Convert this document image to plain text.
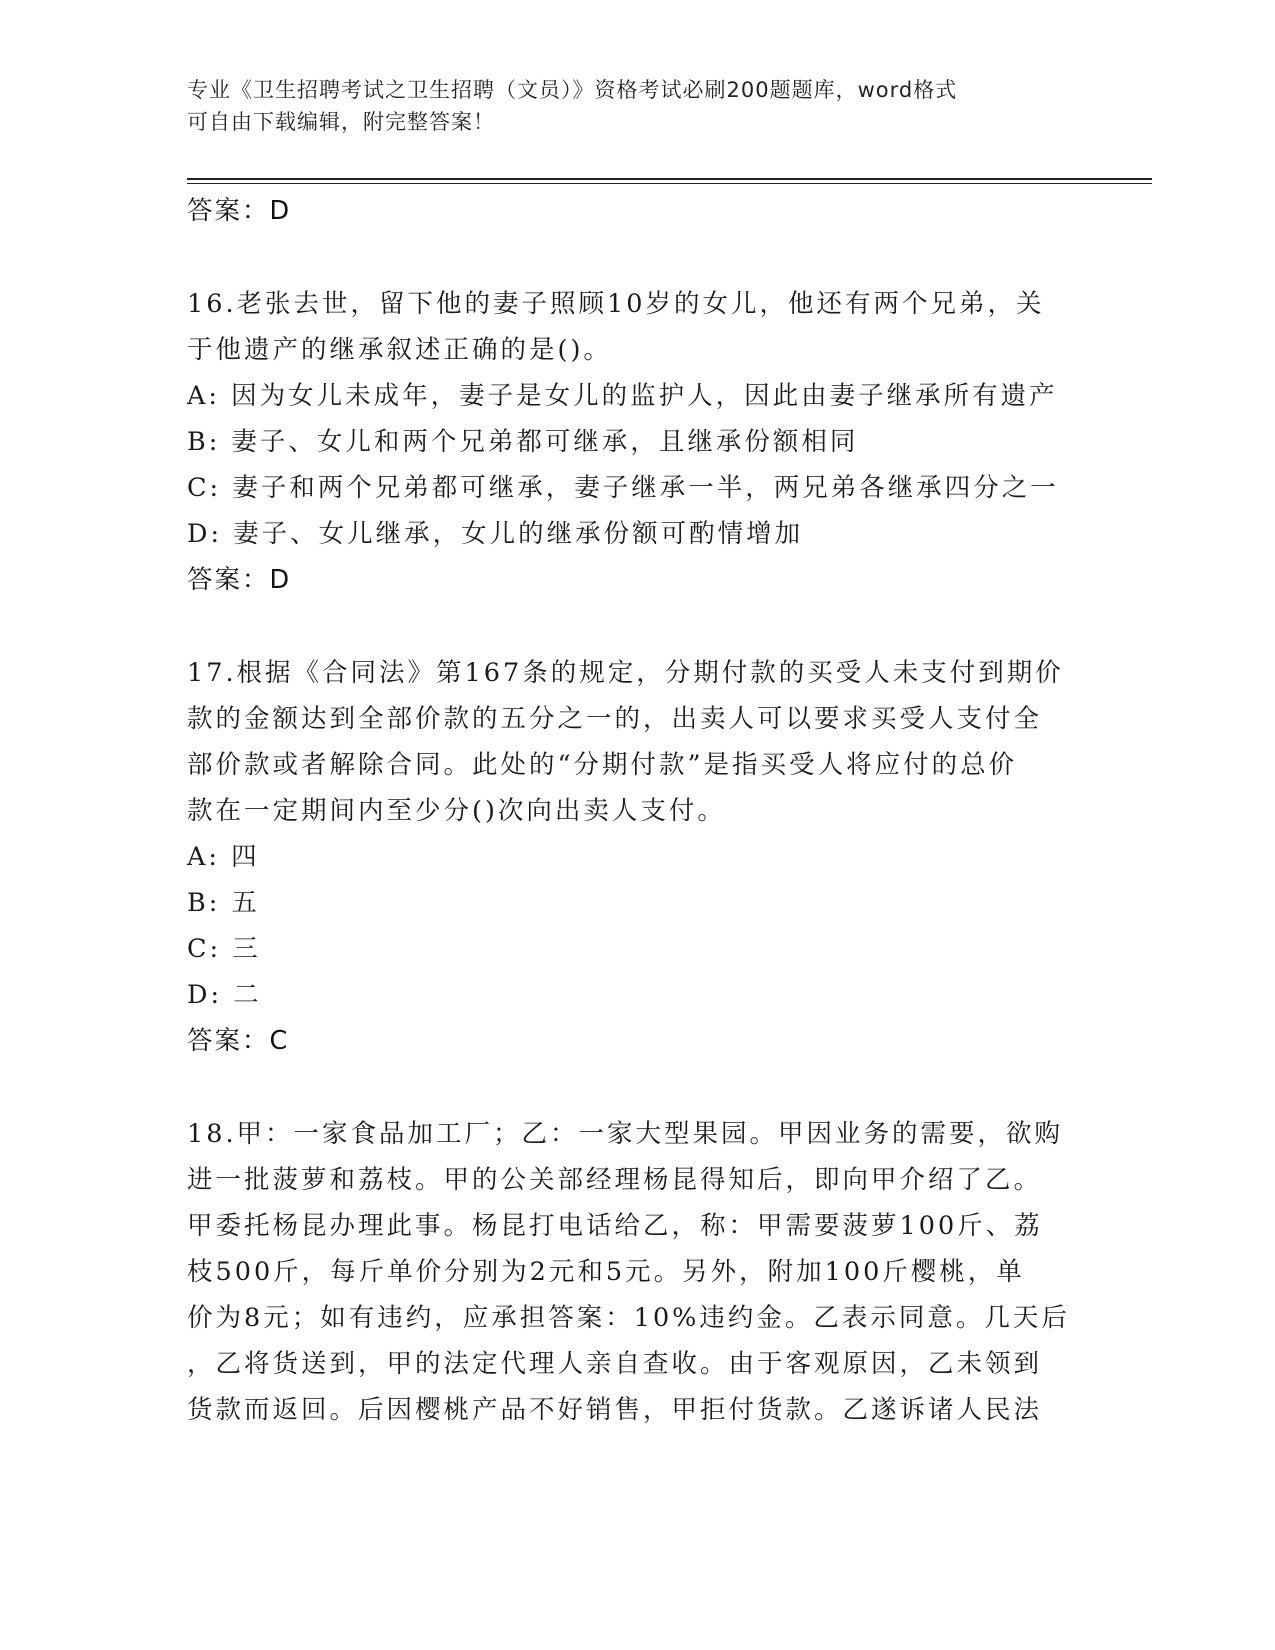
专业《卫生招聘考试之卫生招聘（文员）》资格考试必刷200题题库，word格式
可自由下载编辑，附完整答案！
答案：D
16.老张去世，留下他的妻子照顾10岁的女儿，他还有两个兄弟，关
于他遗产的继承叙述正确的是()。
A: 因为女儿未成年，妻子是女儿的监护人，因此由妻子继承所有遗产
B: 妻子、女儿和两个兄弟都可继承，且继承份额相同
C: 妻子和两个兄弟都可继承，妻子继承一半，两兄弟各继承四分之一
D: 妻子、女儿继承，女儿的继承份额可酌情增加
答案：D
17.根据《合同法》第167条的规定，分期付款的买受人未支付到期价
款的金额达到全部价款的五分之一的，出卖人可以要求买受人支付全
部价款或者解除合同。此处的“分期付款”是指买受人将应付的总价
款在一定期间内至少分()次向出卖人支付。
A: 四
B: 五
C: 三
D: 二
答案：C
18.甲：一家食品加工厂；乙：一家大型果园。甲因业务的需要，欲购
进一批菠萝和荔枝。甲的公关部经理杨昆得知后，即向甲介绍了乙。
甲委托杨昆办理此事。杨昆打电话给乙，称：甲需要菠萝100斤、荔
枝500斤，每斤单价分别为2元和5元。另外，附加100斤樱桃，单
价为8元；如有违约，应承担答案：10%违约金。乙表示同意。几天后
，乙将货送到，甲的法定代理人亲自查收。由于客观原因，乙未领到
货款而返回。后因樱桃产品不好销售，甲拒付货款。乙遂诉诸人民法
